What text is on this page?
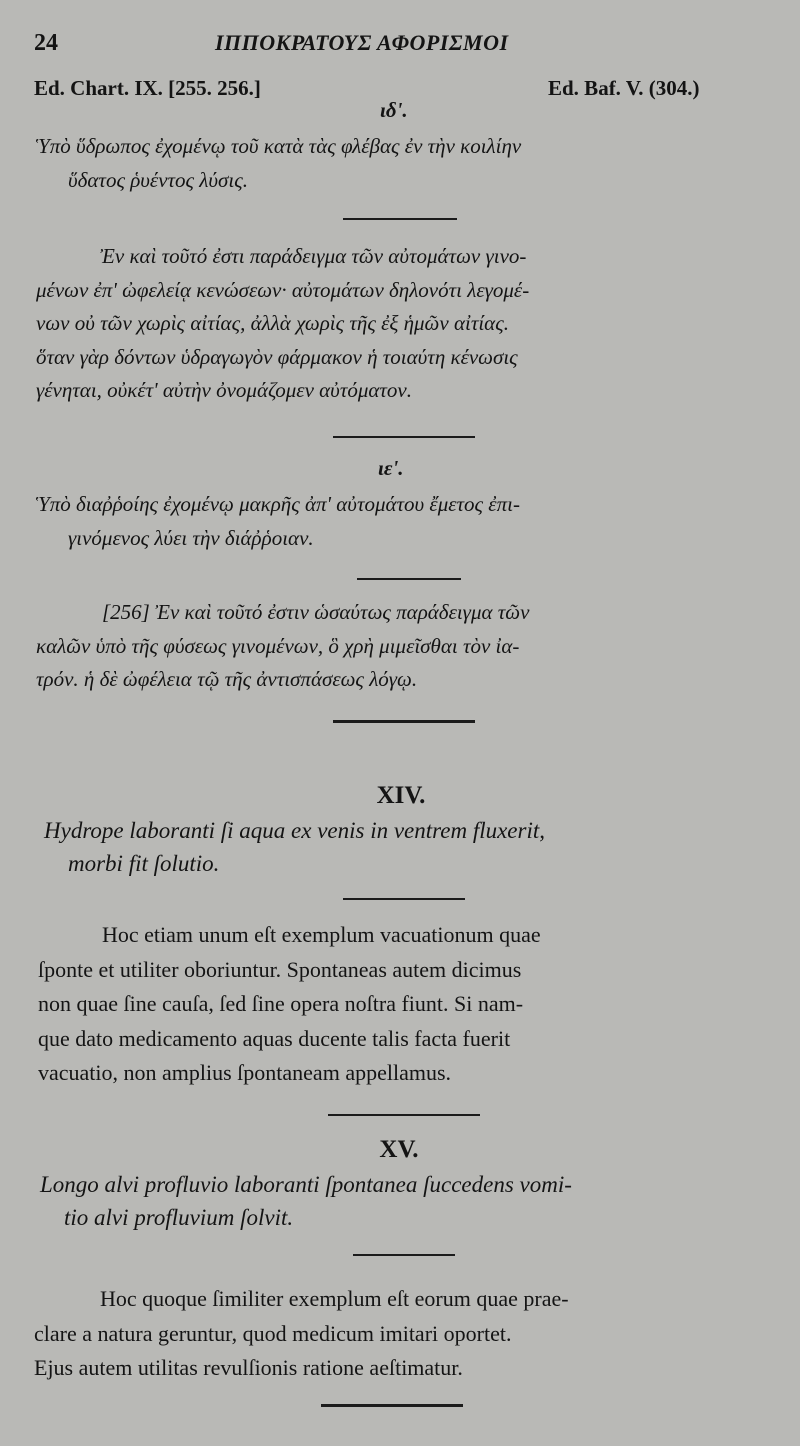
24	ΙΠΠΟΚΡΑΤΟΥΣ ΑΦΟΡΙΣΜΟΙ
Ed. Chart. IX. [255. 256.]	Ed. Baf. V. (304.)
ιδ'.
Ὑπὸ ὕδρωπος ἐχομένῳ τοῦ κατὰ τὰς φλέβας ἐν τὴν κοιλίην
ὕδατος ῥυέντος λύσις.
Ἐν καὶ τοῦτό ἐστι παράδειγμα τῶν αὐτομάτων γινο-
μένων ἐπ' ὠφελείᾳ κενώσεων· αὐτομάτων δηλονότι λεγομέ-
νων οὐ τῶν χωρὶς αἰτίας, ἀλλὰ χωρὶς τῆς ἐξ ἡμῶν αἰτίας.
ὅταν γὰρ δόντων ὑδραγωγὸν φάρμακον ἡ τοιαύτη κένωσις
γένηται, οὐκέτ' αὐτὴν ὀνομάζομεν αὐτόματον.
ιε'.
Ὑπὸ διαῤῥοίης ἐχομένῳ μακρῆς ἀπ' αὐτομάτου ἔμετος ἐπι-
γινόμενος λύει τὴν διάῤῥοιαν.
[256] Ἐν καὶ τοῦτό ἐστιν ὡσαύτως παράδειγμα τῶν
καλῶν ὑπὸ τῆς φύσεως γινομένων, ὃ χρὴ μιμεῖσθαι τὸν ἰα-
τρόν. ἡ δὲ ὠφέλεια τῷ τῆς ἀντισπάσεως λόγῳ.
XIV.
Hydrope laboranti ſi aqua ex venis in ventrem fluxerit,
morbi fit ſolutio.
Hoc etiam unum eſt exemplum vacuationum quae
ſponte et utiliter oboriuntur. Spontaneas autem dicimus
non quae ſine cauſa, ſed ſine opera noſtra fiunt. Si nam-
que dato medicamento aquas ducente talis facta fuerit
vacuatio, non amplius ſpontaneam appellamus.
XV.
Longo alvi profluvio laboranti ſpontanea ſuccedens vomi-
tio alvi profluvium ſolvit.
Hoc quoque ſimiliter exemplum eſt eorum quae prae-
clare a natura geruntur, quod medicum imitari oportet.
Ejus autem utilitas revulſionis ratione aeſtimatur.
